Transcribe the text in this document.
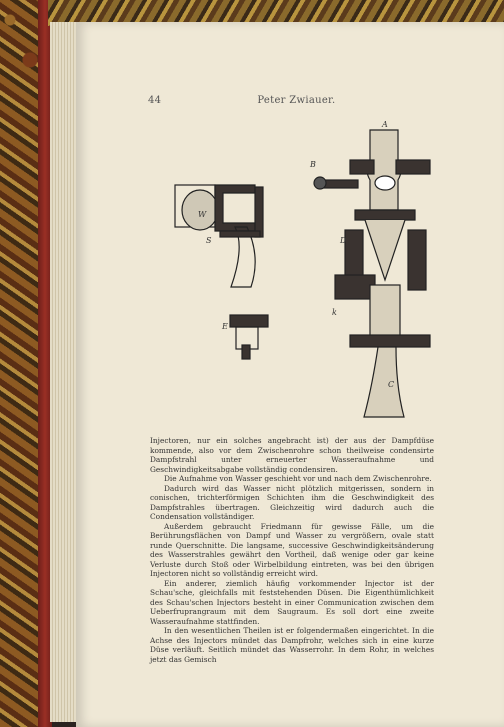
44	Peter Zwiauer.
W
S
E
A
B
D
k
C

Injectoren, nur ein solches angebracht ist) der aus der Dampfdüse kommende, also vor dem Zwischenrohre schon theilweise condensirte Dampfstrahl unter erneuerter Wasseraufnahme und Geschwindigkeitsabgabe vollständig condensiren.

Die Aufnahme von Wasser geschieht vor und nach dem Zwischenrohre.

Dadurch wird das Wasser nicht plötzlich mitgerissen, sondern in conischen, trichterförmigen Schichten ihm die Geschwindigkeit des Dampfstrahles übertragen. Gleichzeitig wird dadurch auch die Condensation vollständiger.

Außerdem gebraucht Friedmann für gewisse Fälle, um die Berührungsflächen von Dampf und Wasser zu vergrößern, ovale statt runde Querschnitte. Die langsame, successive Geschwindigkeitsänderung des Wasserstrahles gewährt den Vortheil, daß wenige oder gar keine Verluste durch Stoß oder Wirbelbildung eintreten, was bei den übrigen Injectoren nicht so vollständig erreicht wird.

Ein anderer, ziemlich häufig vorkommender Injector ist der Schau'sche, gleichfalls mit feststehenden Düsen. Die Eigenthümlichkeit des Schau'schen Injectors besteht in einer Communication zwischen dem Ueberfruprangraum mit dem Saugraum. Es soll dort eine zweite Wasseraufnahme stattfinden.

In den wesentlichen Theilen ist er folgendermaßen eingerichtet. In die Achse des Injectors mündet das Dampfrohr, welches sich in eine kurze Düse verläuft. Seitlich mündet das Wasserrohr. In dem Rohr, in welches jetzt das Gemisch
